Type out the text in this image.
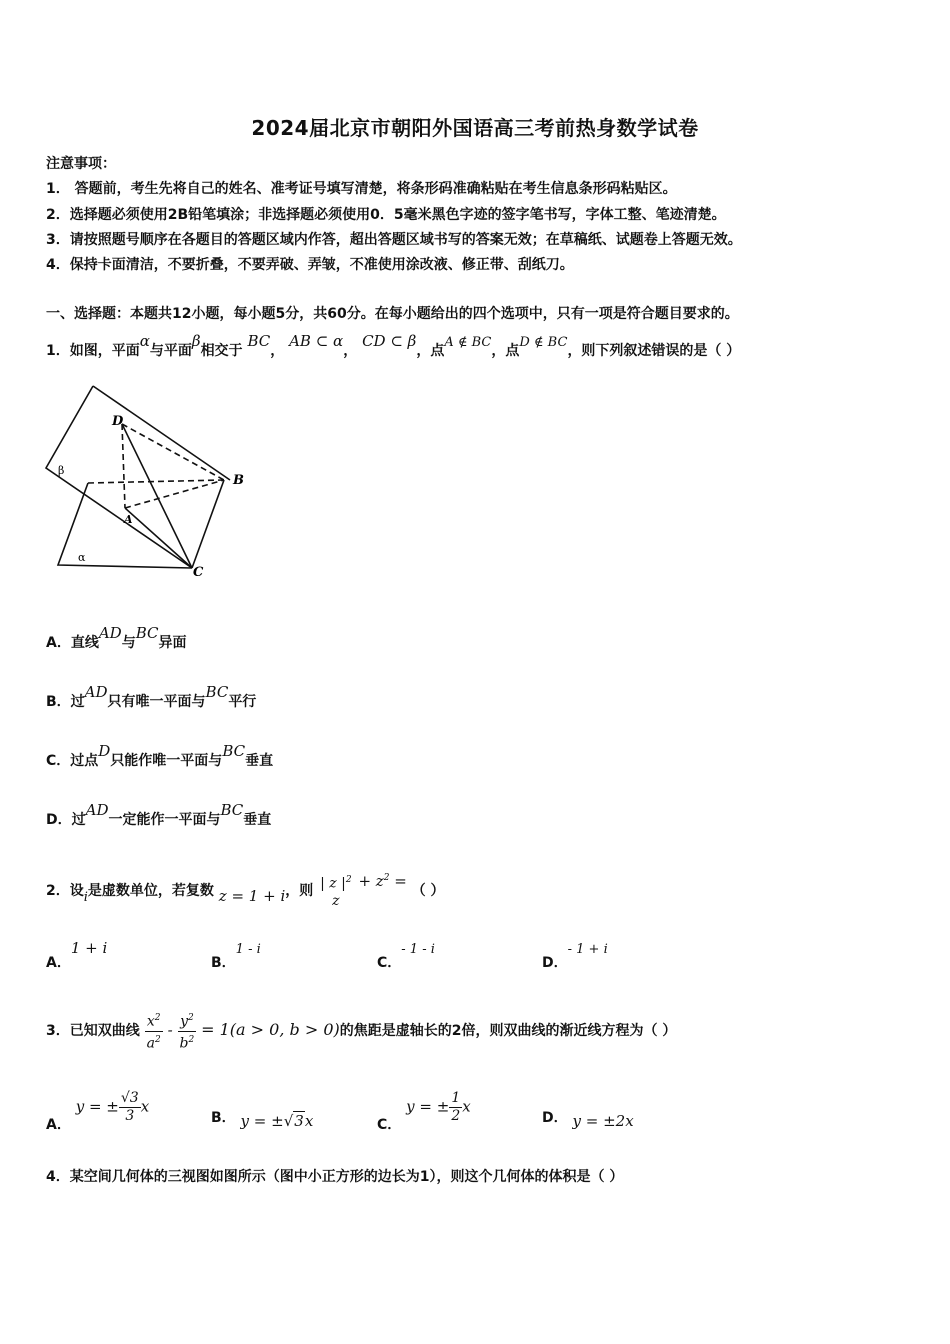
2024届北京市朝阳外国语高三考前热身数学试卷
注意事项：
1． 答题前，考生先将自己的姓名、准考证号填写清楚，将条形码准确粘贴在考生信息条形码粘贴区。
2．选择题必须使用2B铅笔填涂；非选择题必须使用0．5毫米黑色字迹的签字笔书写，字体工整、笔迹清楚。
3．请按照题号顺序在各题目的答题区域内作答，超出答题区域书写的答案无效；在草稿纸、试题卷上答题无效。
4．保持卡面清洁，不要折叠，不要弄破、弄皱，不准使用涂改液、修正带、刮纸刀。
一、选择题：本题共12小题，每小题5分，共60分。在每小题给出的四个选项中，只有一项是符合题目要求的。
1．如图，平面α与平面β相交于 BC， AB ⊂ α， CD ⊂ β，点A ∉ BC，点D ∉ BC，则下列叙述错误的是（ ）
D
B
A
C
β
α
A．直线AD与BC异面
B．过AD只有唯一平面与BC平行
C．过点D只能作唯一平面与BC垂直
D．过AD一定能作一平面与BC垂直
2．设i是虚数单位，若复数 z = 1 + i，则 | z $|^2$
z
+ $z^2$ = （ ）
A．1 + i
B．1 - i
C．- 1 - i
D．- 1 + i
3．已知双曲线 $\frac{x^2}{a^2} - \frac{y^2}{b^2} = 1(a > 0$, b > 0)的焦距是虚轴长的2倍，则双曲线的渐近线方程为（ ）
A． y = ± $\frac{√3}{3}$ x
B． y = ±√3x	C． y = ± $\frac{1}{2}$ x
D． y = ±2x
4．某空间几何体的三视图如图所示（图中小正方形的边长为1），则这个几何体的体积是（ ）
